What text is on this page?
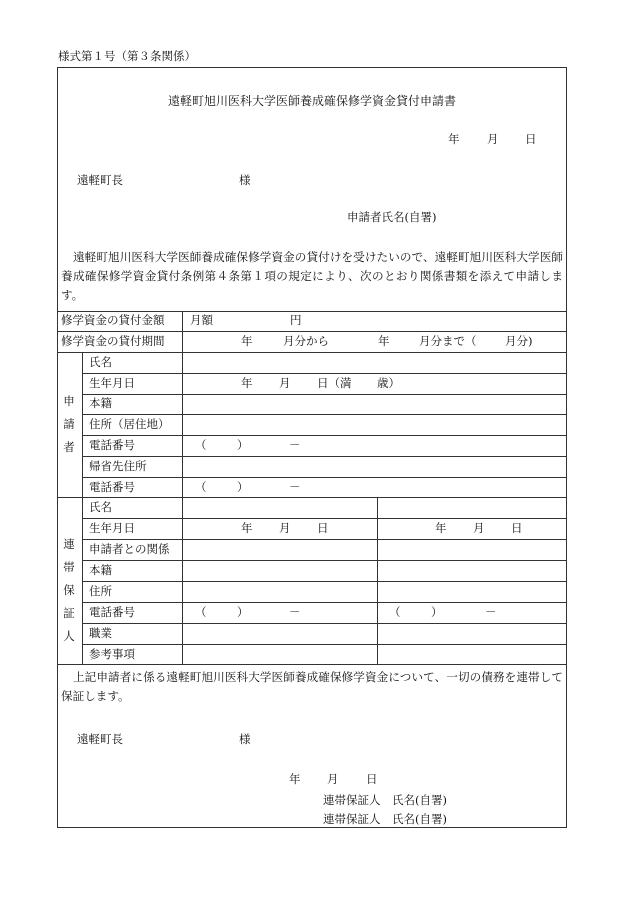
様式第１号（第３条関係）
遠軽町旭川医科大学医師養成確保修学資金貸付申請書
年 月 日
遠軽町長	様
申請者氏名(自署)
遠軽町旭川医科大学医師養成確保修学資金の貸付けを受けたいので、遠軽町旭川医科大学医師養成確保修学資金貸付条例第４条第１項の規定により、次のとおり関係書類を添えて申請します。
修学資金の貸付金額 月額	円
修学資金の貸付期間	年	月分から	年	月分まで（ 月分)
申請者
氏名
生年月日	年 月 日（満 歳）
本籍
住所（居住地）
電話番号	（	）	－
帰省先住所
電話番号	（	）	－
連帯保証人
氏名
生年月日	年 月 日	年 月 日
申請者との関係
本籍
住所
電話番号	（	）	－	（	）	－
職業
参考事項
上記申請者に係る遠軽町旭川医科大学医師養成確保修学資金について、一切の債務を連帯して保証します。
遠軽町長	様
年 月 日
連帯保証人　氏名(自署)
連帯保証人　氏名(自署)
